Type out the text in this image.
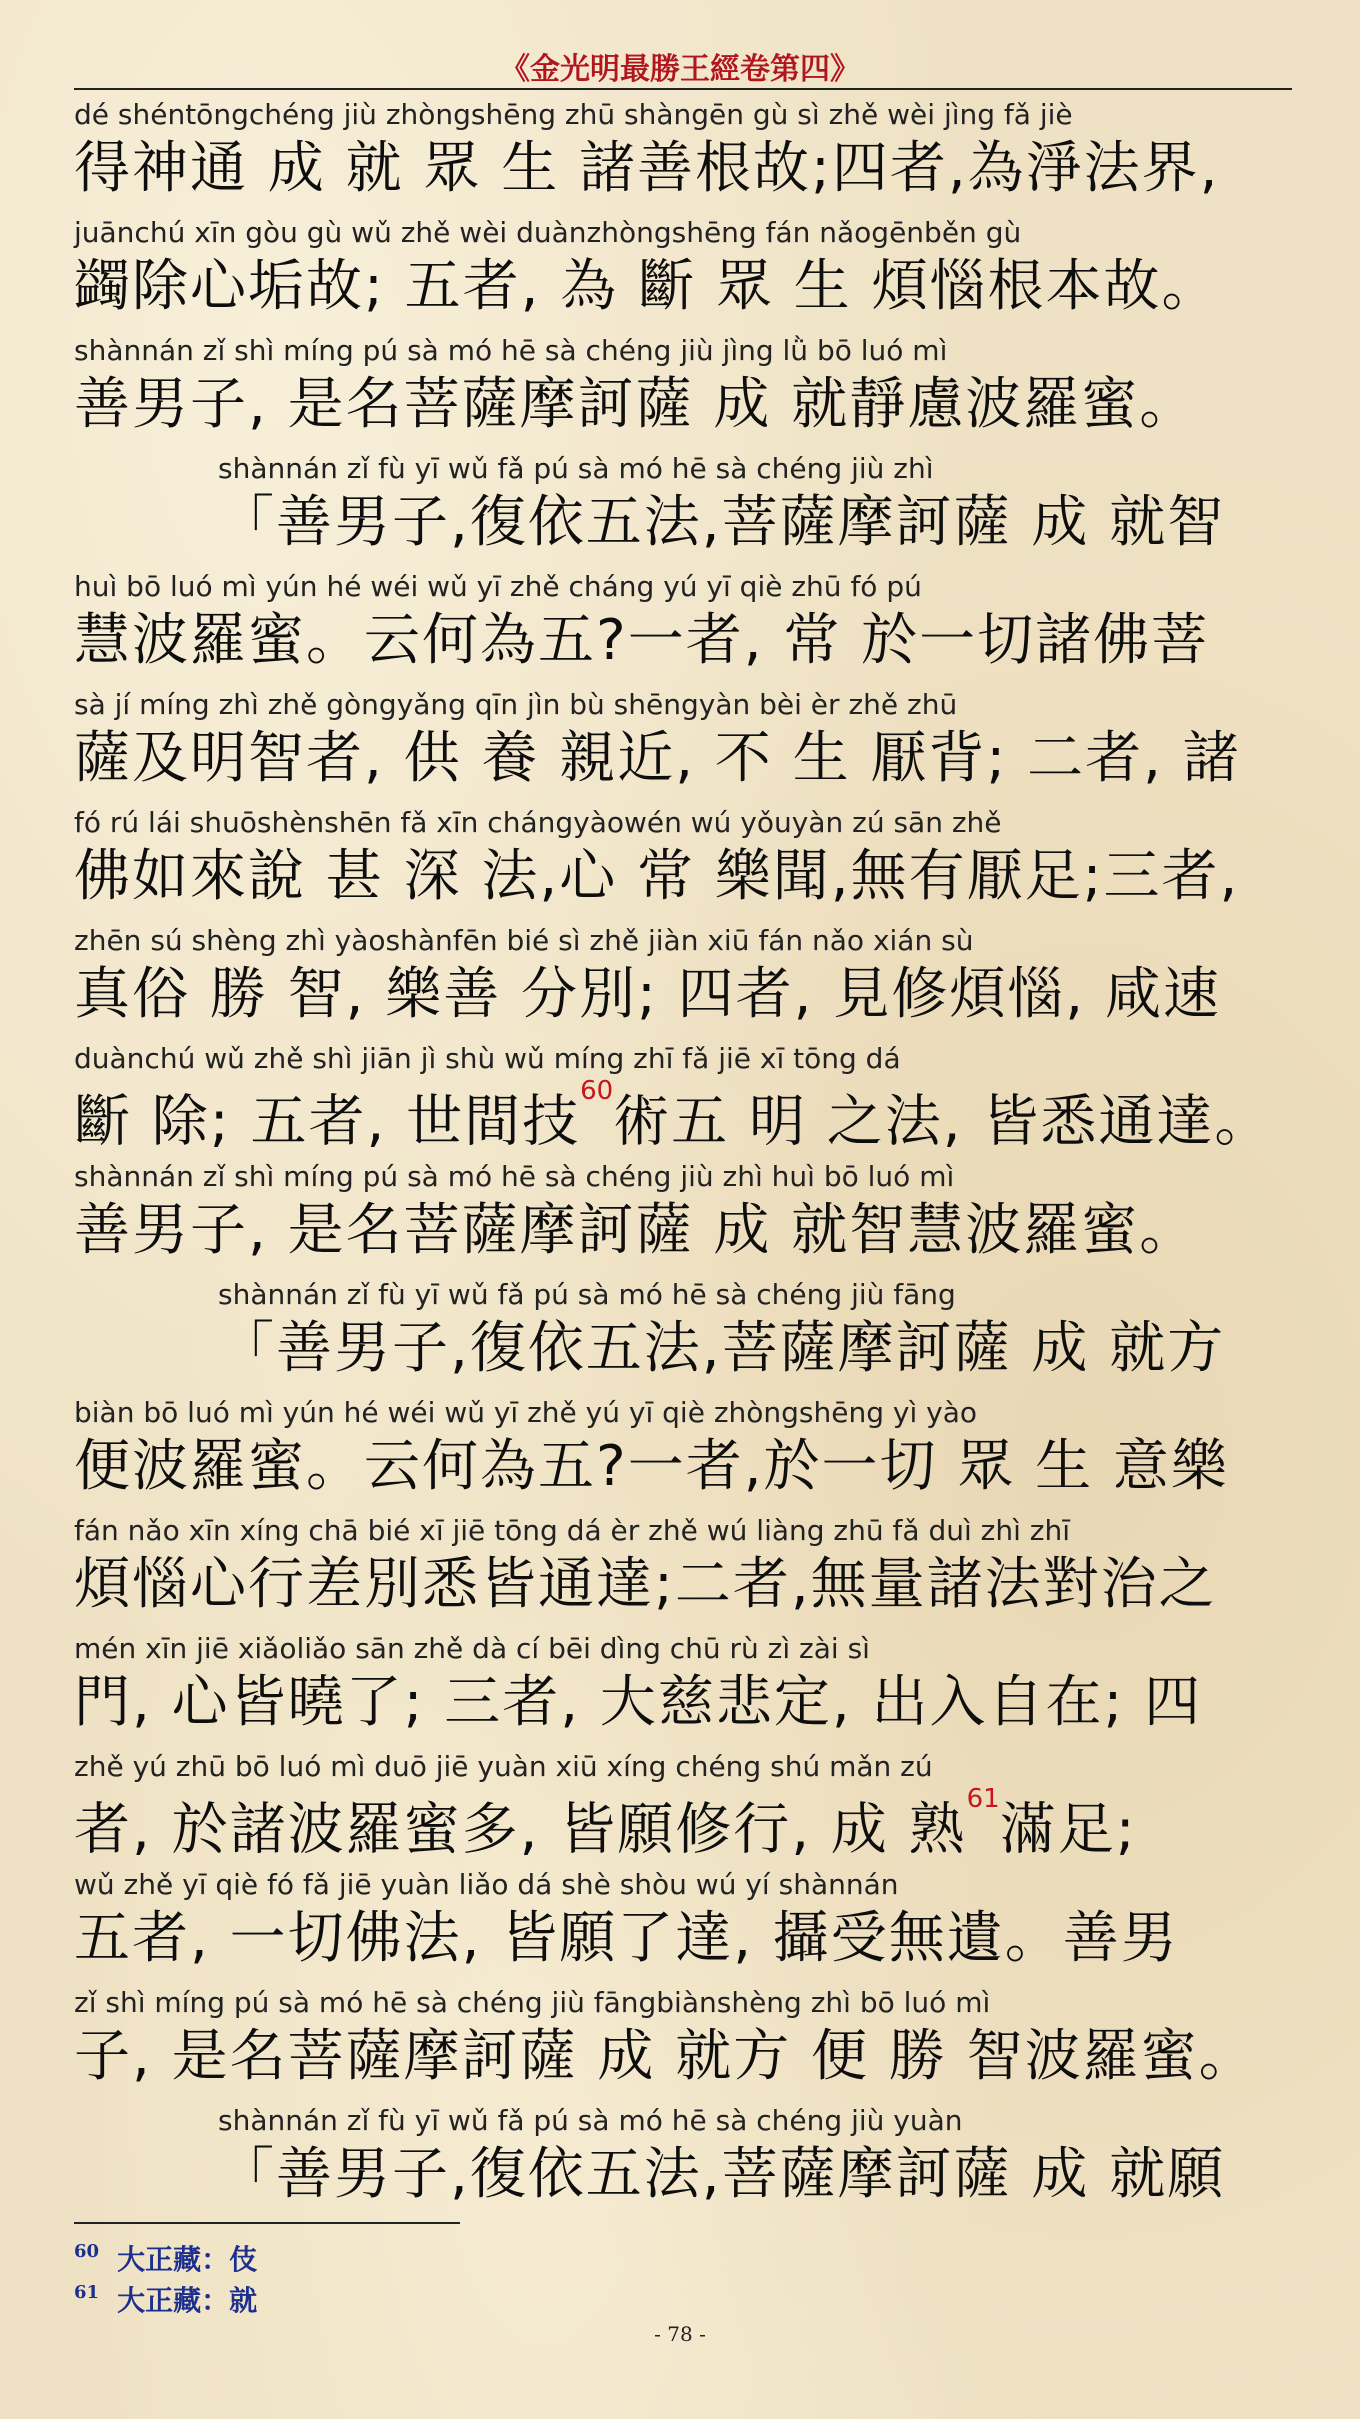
《金光明最勝王經卷第四》
dé shéntōngchéng jiù zhòngshēng zhū shàngēn gù sì zhě wèi jìng fǎ jiè
得神通 成 就 眾 生 諸善根故;四者,為淨法界,
juānchú xīn gòu gù wǔ zhě wèi duànzhòngshēng fán nǎogēnběn gù
蠲除心垢故; 五者, 為 斷 眾 生 煩惱根本故。
shànnán zǐ shì míng pú sà mó hē sà chéng jiù jìng lǜ bō luó mì
善男子, 是名菩薩摩訶薩 成 就靜慮波羅蜜。
shànnán zǐ fù yī wǔ fǎ pú sà mó hē sà chéng jiù zhì
「善男子,復依五法,菩薩摩訶薩 成 就智
huì bō luó mì yún hé wéi wǔ yī zhě cháng yú yī qiè zhū fó pú
慧波羅蜜。云何為五?一者, 常 於一切諸佛菩
sà jí míng zhì zhě gòngyǎng qīn jìn bù shēngyàn bèi èr zhě zhū
薩及明智者, 供 養 親近, 不 生 厭背; 二者, 諸
fó rú lái shuōshènshēn fǎ xīn chángyàowén wú yǒuyàn zú sān zhě
佛如來說 甚 深 法,心 常 樂聞,無有厭足;三者,
zhēn sú shèng zhì yàoshànfēn bié sì zhě jiàn xiū fán nǎo xián sù
真俗 勝 智, 樂善 分別; 四者, 見修煩惱, 咸速
duànchú wǔ zhě shì jiān jì shù wǔ míng zhī fǎ jiē xī tōng dá
斷 除; 五者, 世間技$^{60}$術五 明 之法, 皆悉通達。
shànnán zǐ shì míng pú sà mó hē sà chéng jiù zhì huì bō luó mì
善男子, 是名菩薩摩訶薩 成 就智慧波羅蜜。
shànnán zǐ fù yī wǔ fǎ pú sà mó hē sà chéng jiù fāng
「善男子,復依五法,菩薩摩訶薩 成 就方
biàn bō luó mì yún hé wéi wǔ yī zhě yú yī qiè zhòngshēng yì yào
便波羅蜜。云何為五?一者,於一切 眾 生 意樂
fán nǎo xīn xíng chā bié xī jiē tōng dá èr zhě wú liàng zhū fǎ duì zhì zhī
煩惱心行差別悉皆通達;二者,無量諸法對治之
mén xīn jiē xiǎoliǎo sān zhě dà cí bēi dìng chū rù zì zài sì
門, 心皆曉了; 三者, 大慈悲定, 出入自在; 四
zhě yú zhū bō luó mì duō jiē yuàn xiū xíng chéng shú mǎn zú
者, 於諸波羅蜜多, 皆願修行, 成 熟$^{61}$滿足;
wǔ zhě yī qiè fó fǎ jiē yuàn liǎo dá shè shòu wú yí shànnán
五者, 一切佛法, 皆願了達, 攝受無遺。善男
zǐ shì míng pú sà mó hē sà chéng jiù fāngbiànshèng zhì bō luó mì
子, 是名菩薩摩訶薩 成 就方 便 勝 智波羅蜜。
shànnán zǐ fù yī wǔ fǎ pú sà mó hē sà chéng jiù yuàn
「善男子,復依五法,菩薩摩訶薩 成 就願
$^{60}$ 大正藏：伎
$^{61}$ 大正藏：就
- 78 -
